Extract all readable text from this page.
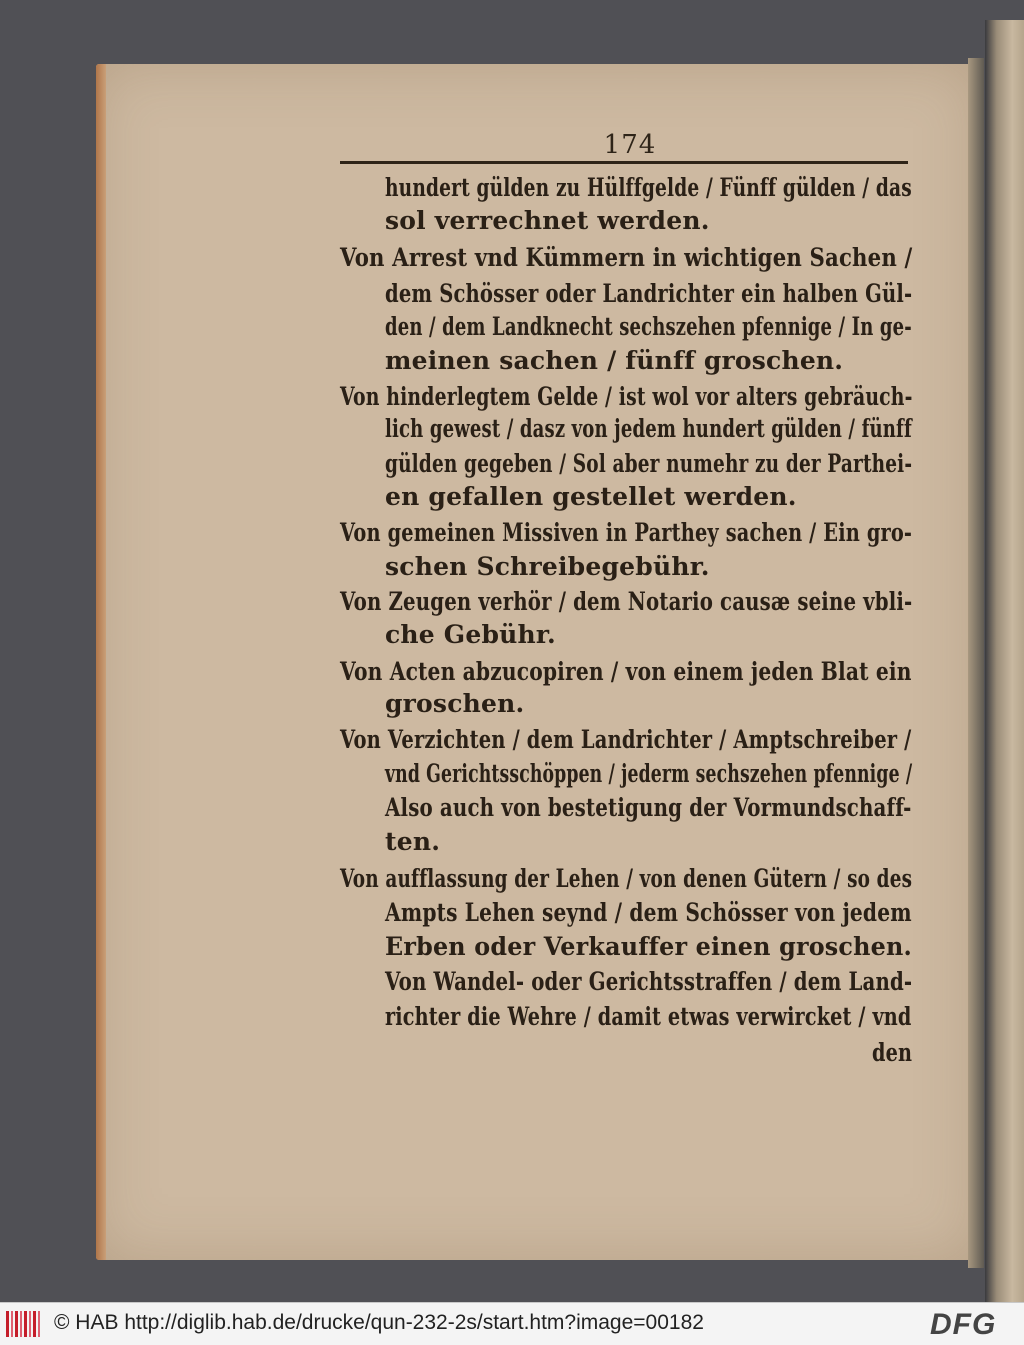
174
hundert gülden zu Hülffgelde / Fünff gülden / das
sol verrechnet werden.
Von Arrest vnd Kümmern in wichtigen Sachen /
dem Schösser oder Landrichter ein halben Gül-
den / dem Landknecht sechszehen pfennige / In ge-
meinen sachen / fünff groschen.
Von hinderlegtem Gelde / ist wol vor alters gebräuch-
lich gewest / dasz von jedem hundert gülden / fünff
gülden gegeben / Sol aber numehr zu der Parthei-
en gefallen gestellet werden.
Von gemeinen Missiven in Parthey sachen / Ein gro-
schen Schreibegebühr.
Von Zeugen verhör / dem Notario causæ seine vbli-
che Gebühr.
Von Acten abzucopiren / von einem jeden Blat ein
groschen.
Von Verzichten / dem Landrichter / Amptschreiber /
vnd Gerichtsschöppen / jederm sechszehen pfennige /
Also auch von bestetigung der Vormundschaff-
ten.
Von aufflassung der Lehen / von denen Gütern / so des
Ampts Lehen seynd / dem Schösser von jedem
Erben oder Verkauffer einen groschen.
Von Wandel- oder Gerichtsstraffen / dem Land-
richter die Wehre / damit etwas verwircket / vnd
den
© HAB http://diglib.hab.de/drucke/qun-232-2s/start.htm?image=00182	DFG
